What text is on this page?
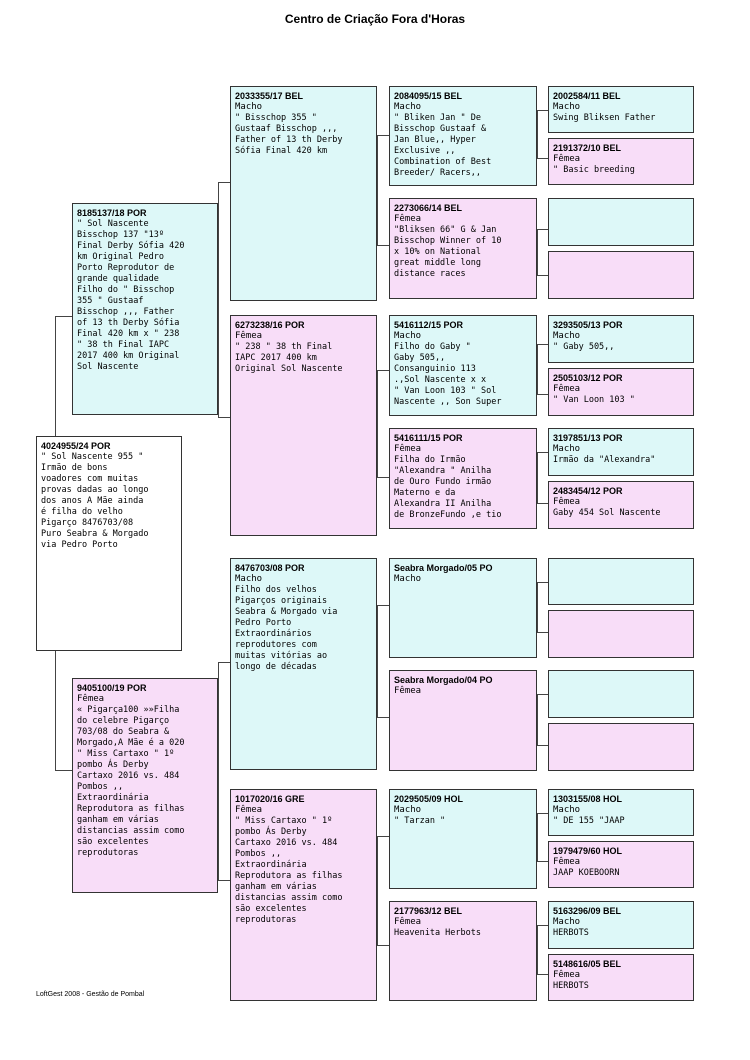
Centro de Criação Fora d'Horas
4024955/24 POR
" Sol Nascente 955 "
Irmão de bons
voadores com muitas
provas dadas ao longo
dos anos A Mãe ainda
é filha do velho
Pigarço 8476703/08
Puro Seabra & Morgado
via Pedro Porto
8185137/18 POR
" Sol Nascente
Bisschop 137 "13º
Final Derby Sófia 420
km Original Pedro
Porto Reprodutor de
grande qualidade
Filho do " Bisschop
355 " Gustaaf
Bisschop ,,, Father
of 13 th Derby Sófia
Final 420 km x " 238
" 38 th Final IAPC
2017 400 km Original
Sol Nascente
9405100/19 POR
Fêmea
« Pigarça100 »»Filha
do celebre Pigarço
703/08 do Seabra &
Morgado,A Mãe é a 020
" Miss Cartaxo " 1º
pombo Ás Derby
Cartaxo 2016 vs. 484
Pombos ,,
Extraordinária
Reprodutora as filhas
ganham em várias
distancias assim como
são excelentes
reprodutoras
2033355/17 BEL
Macho
" Bisschop 355 "
Gustaaf Bisschop ,,,
Father of 13 th Derby
Sófia Final 420 km
6273238/16 POR
Fêmea
" 238 " 38 th Final
IAPC 2017 400 km
Original Sol Nascente
8476703/08 POR
Macho
Filho dos velhos
Pigarços originais
Seabra & Morgado via
Pedro Porto
Extraordinários
reprodutores com
muitas vitórias ao
longo de décadas
1017020/16 GRE
Fêmea
" Miss Cartaxo " 1º
pombo Ás Derby
Cartaxo 2016 vs. 484
Pombos ,,
Extraordinária
Reprodutora as filhas
ganham em várias
distancias assim como
são excelentes
reprodutoras
2084095/15 BEL
Macho
" Bliken Jan " De
Bisschop Gustaaf &
Jan Blue,, Hyper
Exclusive ,,
Combination of Best
Breeder/ Racers,,
2273066/14 BEL
Fêmea
"Bliksen 66" G & Jan
Bisschop Winner of 10
x 10% on National
great middle long
distance races
5416112/15 POR
Macho
Filho do Gaby "
Gaby 505,,
Consanguinio 113
.,Sol Nascente x x
" Van Loon 103 " Sol
Nascente ,, Son Super
5416111/15 POR
Fêmea
Filha do Irmão
"Alexandra " Anilha
de Ouro Fundo irmão
Materno e da
Alexandra II Anilha
de BronzeFundo ,e tio
Seabra Morgado/05 PO
Macho
Seabra Morgado/04 PO
Fêmea
2029505/09 HOL
Macho
" Tarzan "
2177963/12 BEL
Fêmea
Heavenita Herbots
2002584/11 BEL
Macho
Swing Bliksen Father
2191372/10 BEL
Fêmea
" Basic breeding
3293505/13 POR
Macho
" Gaby 505,,
2505103/12 POR
Fêmea
" Van Loon 103 "
3197851/13 POR
Macho
Irmão da "Alexandra"
2483454/12 POR
Fêmea
Gaby 454 Sol Nascente
1303155/08 HOL
Macho
" DE 155 "JAAP
1979479/60 HOL
Fêmea
JAAP KOEBOORN
5163296/09 BEL
Macho
HERBOTS
5148616/05 BEL
Fêmea
HERBOTS
LoftGest 2008 - Gestão de Pombal
